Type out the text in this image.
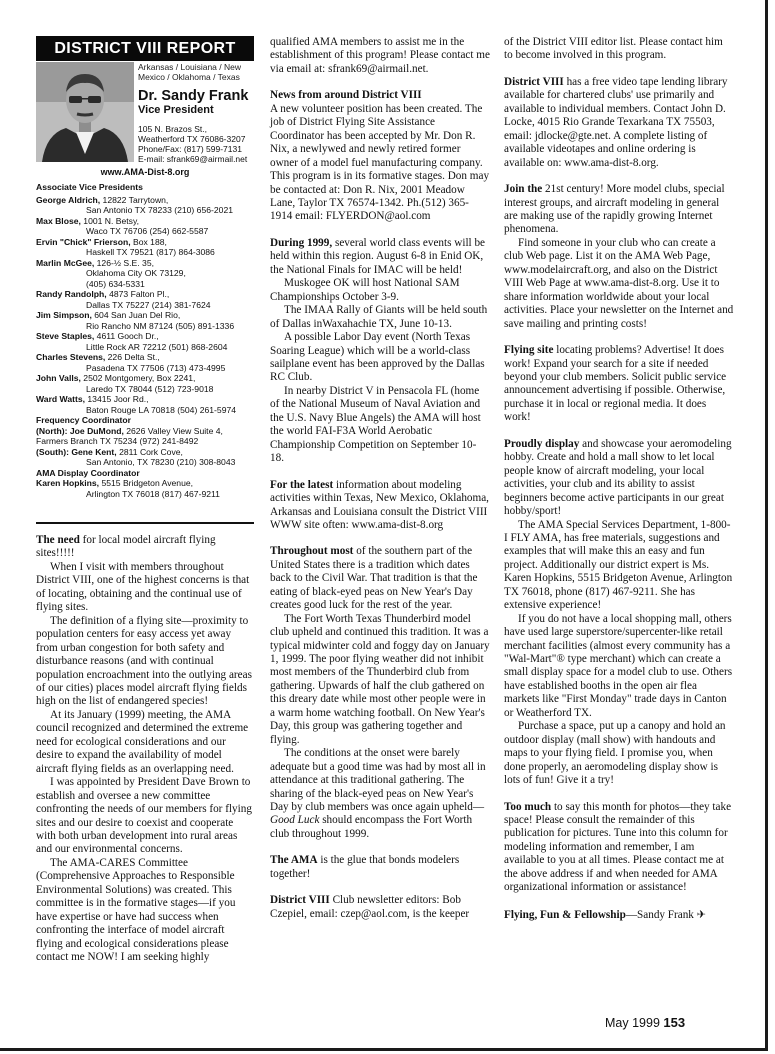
DISTRICT VIII REPORT
Arkansas / Louisiana / New Mexico / Oklahoma / Texas
Dr. Sandy Frank
Vice President
105 N. Brazos St.,
Weatherford TX 76086-3207
Phone/Fax: (817) 599-7131
E-mail: sfrank69@airmail.net
www.AMA-Dist-8.org
Associate Vice Presidents
George Aldrich, 12822 Tarrytown,
San Antonio TX 78233 (210) 656-2021
Max Blose, 1001 N. Betsy,
Waco TX 76706 (254) 662-5587
Ervin "Chick" Frierson, Box 188,
Haskell TX 79521 (817) 864-3086
Marlin McGee, 126-½ S.E. 35,
Oklahoma City OK 73129,
(405) 634-5331
Randy Randolph, 4873 Falton Pl.,
Dallas TX 75227 (214) 381-7624
Jim Simpson, 604 San Juan Del Rio,
Rio Rancho NM 87124 (505) 891-1336
Steve Staples, 4611 Gooch Dr.,
Little Rock AR 72212 (501) 868-2604
Charles Stevens, 226 Delta St.,
Pasadena TX 77506 (713) 473-4995
John Valls, 2502 Montgomery, Box 2241,
Laredo TX 78044 (512) 723-9018
Ward Watts, 13415 Joor Rd.,
Baton Rouge LA 70818 (504) 261-5974
Frequency Coordinator
(North): Joe DuMond, 2626 Valley View Suite 4,
Farmers Branch TX 75234 (972) 241-8492
(South): Gene Kent, 2811 Cork Cove,
San Antonio, TX 78230 (210) 308-8043
AMA Display Coordinator
Karen Hopkins, 5515 Bridgeton Avenue,
Arlington TX 76018 (817) 467-9211

The need for local model aircraft flying sites!!!!!

When I visit with members throughout District VIII, one of the highest concerns is that of locating, obtaining and the continual use of flying sites.

The definition of a flying site—proximity to population centers for easy access yet away from urban congestion for both safety and disturbance reasons (and with continual population encroachment into the outlying areas of our cities) places model aircraft flying fields high on the list of endangered species!

At its January (1999) meeting, the AMA council recognized and determined the extreme need for ecological considerations and our desire to expand the availability of model aircraft flying fields as an overlapping need.

I was appointed by President Dave Brown to establish and oversee a new committee confronting the needs of our members for flying sites and our desire to coexist and cooperate with both urban development into rural areas and our environmental concerns.

The AMA-CARES Committee (Comprehensive Approaches to Responsible Environmental Solutions) was created. This committee is in the formative stages—if you have expertise or have had success when confronting the interface of model aircraft flying and ecological considerations please contact me NOW! I am seeking highly

qualified AMA members to assist me in the establishment of this program! Please contact me via email at: sfrank69@airmail.net.

News from around District VIII

A new volunteer position has been created. The job of District Flying Site Assistance Coordinator has been accepted by Mr. Don R. Nix, a newlywed and newly retired former owner of a model fuel manufacturing company. This program is in its formative stages. Don may be contacted at: Don R. Nix, 2001 Meadow Lane, Taylor TX 76574-1342. Ph.(512) 365-1914 email: FLYERDON@aol.com

During 1999, several world class events will be held within this region. August 6-8 in Enid OK, the National Finals for IMAC will be held!

Muskogee OK will host National SAM Championships October 3-9.

The IMAA Rally of Giants will be held south of Dallas inWaxahachie TX, June 10-13.

A possible Labor Day event (North Texas Soaring League) which will be a world-class sailplane event has been approved by the Dallas RC Club.

In nearby District V in Pensacola FL (home of the National Museum of Naval Aviation and the U.S. Navy Blue Angels) the AMA will host the world FAI-F3A World Aerobatic Championship Competition on September 10-18.

For the latest information about modeling activities within Texas, New Mexico, Oklahoma, Arkansas and Louisiana consult the District VIII WWW site often: www.ama-dist-8.org

Throughout most of the southern part of the United States there is a tradition which dates back to the Civil War. That tradition is that the eating of black-eyed peas on New Year's Day creates good luck for the rest of the year.

The Fort Worth Texas Thunderbird model club upheld and continued this tradition. It was a typical midwinter cold and foggy day on January 1, 1999. The poor flying weather did not inhibit most members of the Thunderbird club from gathering. Upwards of half the club gathered on this dreary date while most other people were in a warm home watching football. On New Year's Day, this group was gathering together and flying.

The conditions at the onset were barely adequate but a good time was had by most all in attendance at this traditional gathering. The sharing of the black-eyed peas on New Year's Day by club members was once again upheld—Good Luck should encompass the Fort Worth club throughout 1999.

The AMA is the glue that bonds modelers together!

District VIII Club newsletter editors: Bob Czepiel, email: czep@aol.com, is the keeper

of the District VIII editor list. Please contact him to become involved in this program.

District VIII has a free video tape lending library available for chartered clubs' use primarily and available to individual members. Contact John D. Locke, 4015 Rio Grande Texarkana TX 75503, email: jdlocke@gte.net. A complete listing of available videotapes and online ordering is available on: www.ama-dist-8.org.

Join the 21st century! More model clubs, special interest groups, and aircraft modeling in general are making use of the rapidly growing Internet phenomena.

Find someone in your club who can create a club Web page. List it on the AMA Web Page, www.modelaircraft.org, and also on the District VIII Web Page at www.ama-dist-8.org. Use it to share information worldwide about your local activities. Place your newsletter on the Internet and save mailing and printing costs!

Flying site locating problems? Advertise! It does work! Expand your search for a site if needed beyond your club members. Solicit public service announcement advertising if possible. Otherwise, purchase it in local or regional media. It does work!

Proudly display and showcase your aeromodeling hobby. Create and hold a mall show to let local people know of aircraft modeling, your local activities, your club and its ability to assist beginners become active participants in our great hobby/sport!

The AMA Special Services Department, 1-800-I FLY AMA, has free materials, suggestions and examples that will make this an easy and fun project. Additionally our district expert is Ms. Karen Hopkins, 5515 Bridgeton Avenue, Arlington TX 76018, phone (817) 467-9211. She has extensive experience!

If you do not have a local shopping mall, others have used large superstore/supercenter-like retail merchant facilities (almost every community has a "Wal-Mart"® type merchant) which can create a small display space for a model club to use. Others have established booths in the open air flea markets like "First Monday" trade days in Canton or Weatherford TX.

Purchase a space, put up a canopy and hold an outdoor display (mall show) with handouts and maps to your flying field. I promise you, when done properly, an aeromodeling display show is lots of fun! Give it a try!

Too much to say this month for photos—they take space! Please consult the remainder of this publication for pictures. Tune into this column for modeling information and remember, I am available to you at all times. Please contact me at the above address if and when needed for AMA organizational information or assistance!

Flying, Fun & Fellowship—Sandy Frank ✈

May 1999 153
